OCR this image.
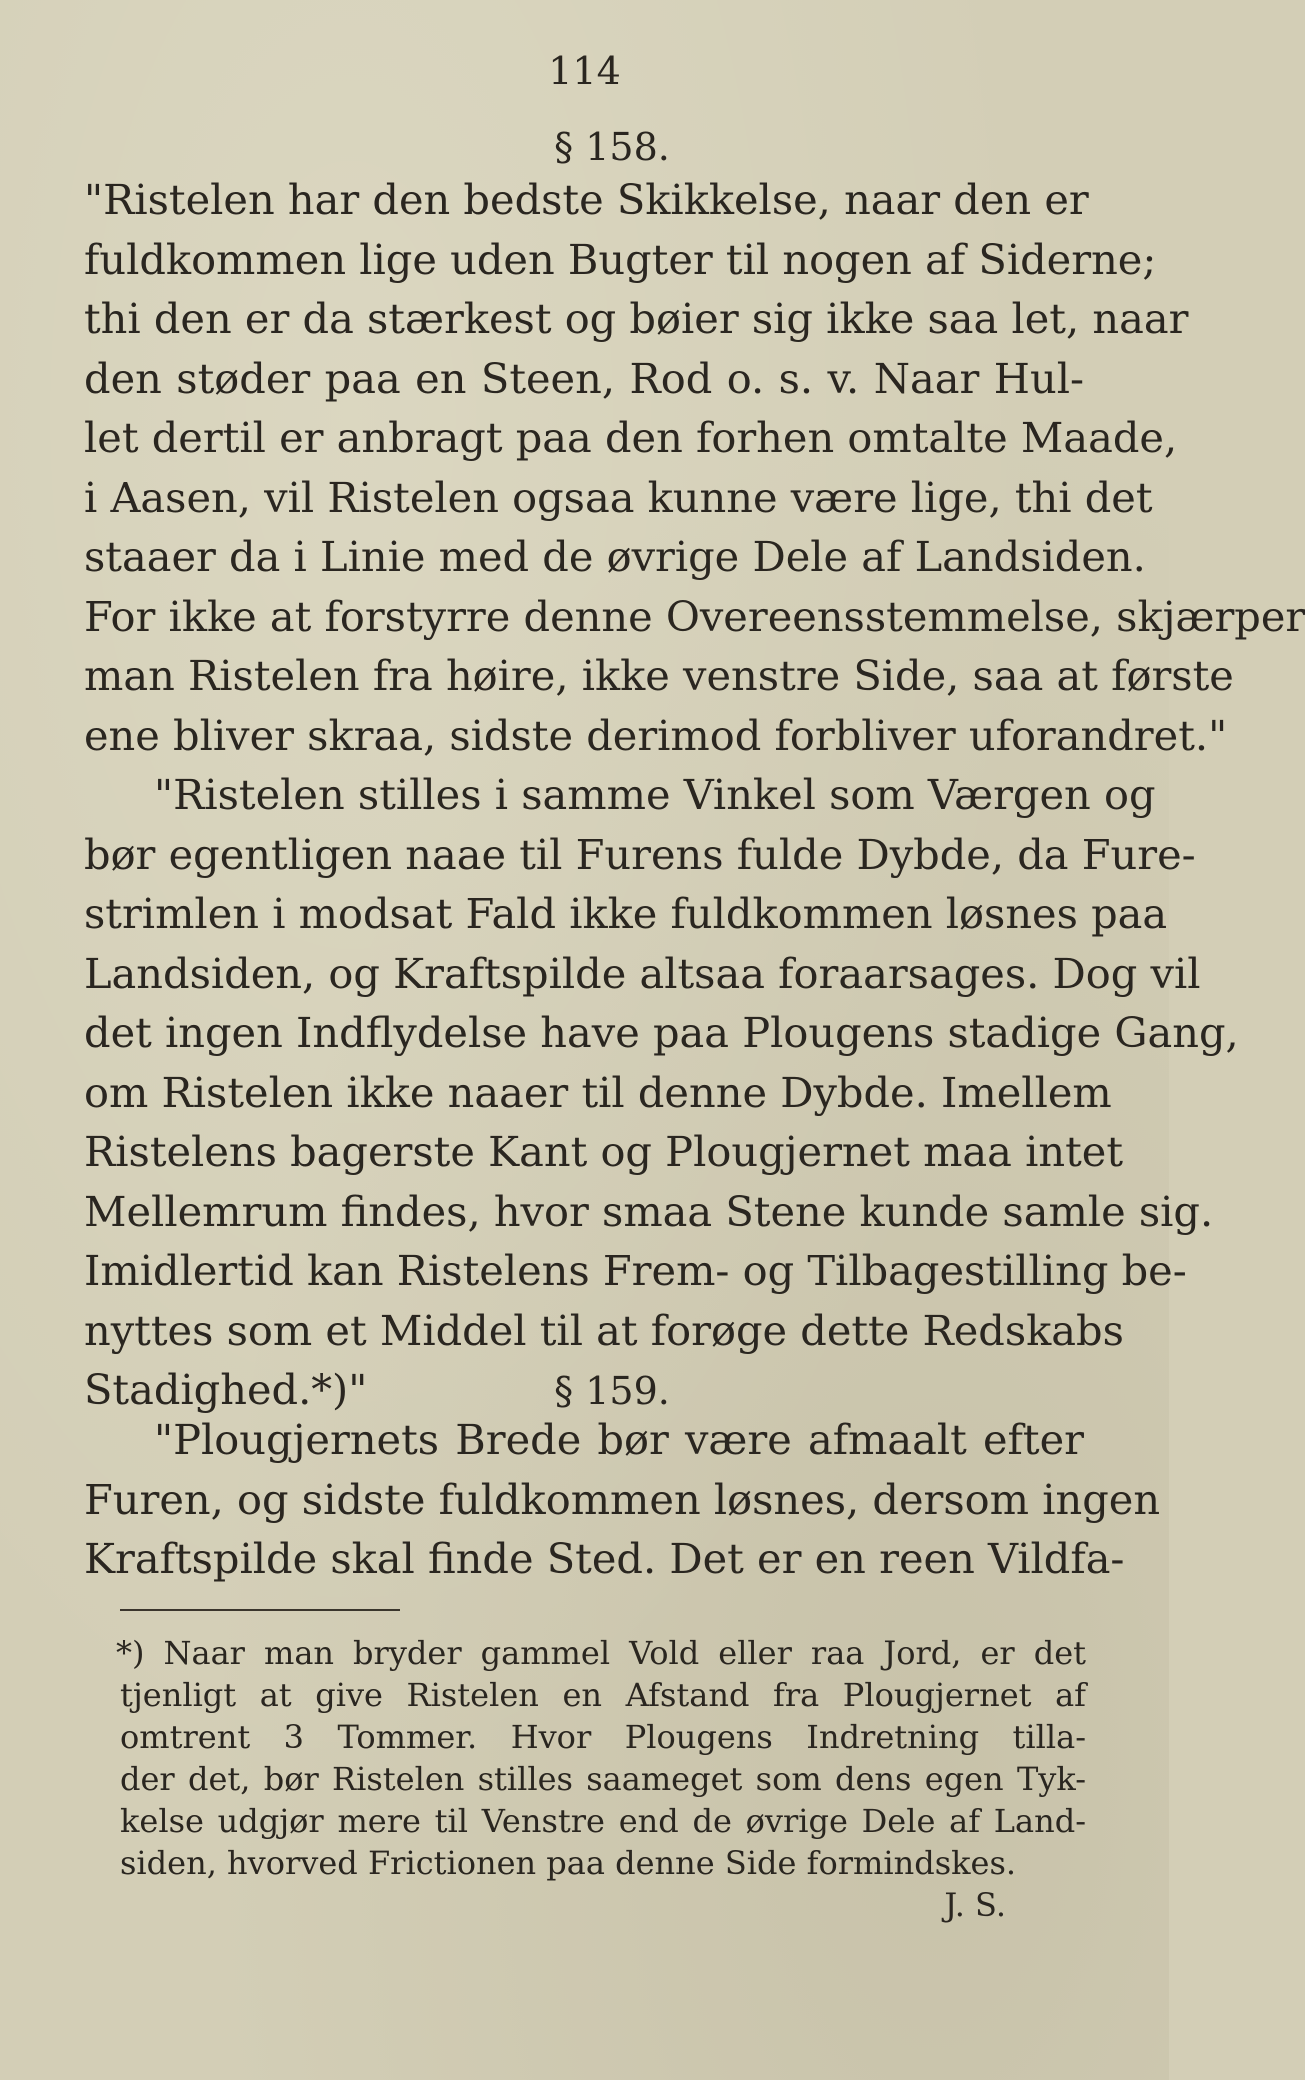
114
§ 158.
"Ristelen har den bedste Skikkelse, naar den er
fuldkommen lige uden Bugter til nogen af Siderne;
thi den er da stærkest og bøier sig ikke saa let, naar
den støder paa en Steen, Rod o. s. v. Naar Hul-
let dertil er anbragt paa den forhen omtalte Maade,
i Aasen, vil Ristelen ogsaa kunne være lige, thi det
staaer da i Linie med de øvrige Dele af Landsiden.
For ikke at forstyrre denne Overeensstemmelse, skjærper
man Ristelen fra høire, ikke venstre Side, saa at første
ene bliver skraa, sidste derimod forbliver uforandret."
"Ristelen stilles i samme Vinkel som Værgen og
bør egentligen naae til Furens fulde Dybde, da Fure-
strimlen i modsat Fald ikke fuldkommen løsnes paa
Landsiden, og Kraftspilde altsaa foraarsages. Dog vil
det ingen Indflydelse have paa Plougens stadige Gang,
om Ristelen ikke naaer til denne Dybde. Imellem
Ristelens bagerste Kant og Plougjernet maa intet
Mellemrum findes, hvor smaa Stene kunde samle sig.
Imidlertid kan Ristelens Frem- og Tilbagestilling be-
nyttes som et Middel til at forøge dette Redskabs
Stadighed.*)"	§ 159.
"Plougjernets Brede bør være afmaalt efter
Furen, og sidste fuldkommen løsnes, dersom ingen
Kraftspilde skal finde Sted. Det er en reen Vildfa-
*) Naar man bryder gammel Vold eller raa Jord, er det
tjenligt at give Ristelen en Afstand fra Plougjernet af
omtrent 3 Tommer. Hvor Plougens Indretning tilla-
der det, bør Ristelen stilles saameget som dens egen Tyk-
kelse udgjør mere til Venstre end de øvrige Dele af Land-
siden, hvorved Frictionen paa denne Side formindskes.
J. S.
